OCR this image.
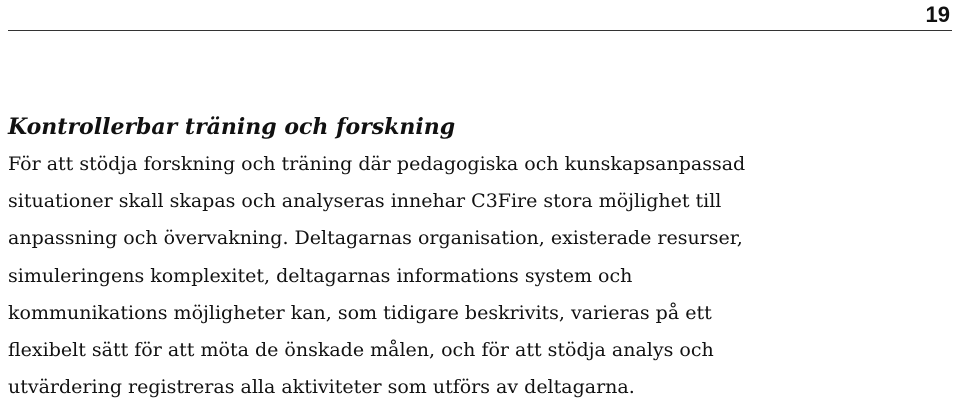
19
Kontrollerbar träning och forskning

För att stödja forskning och träning där pedagogiska och kunskapsanpassad

situationer skall skapas och analyseras innehar C3Fire stora möjlighet till

anpassning och övervakning. Deltagarnas organisation, existerade resurser,

simuleringens komplexitet, deltagarnas informations system och

kommunikations möjligheter kan, som tidigare beskrivits, varieras på ett

flexibelt sätt för att möta de önskade målen, och för att stödja analys och

utvärdering registreras alla aktiviteter som utförs av deltagarna.
